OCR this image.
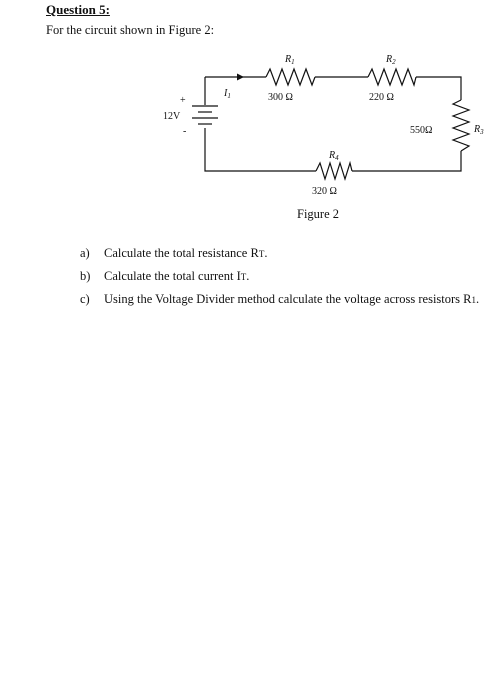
Question 5:
For the circuit shown in Figure 2:
$I_1$
$R_1$	$R_2$
$R_3$
$R_4$
300 Ω	220 Ω
550Ω
320 Ω
+
12V
-
Figure 2
a) Calculate the total resistance RT.
b) Calculate the total current IT.
c) Using the Voltage Divider method calculate the voltage across resistors R1.
